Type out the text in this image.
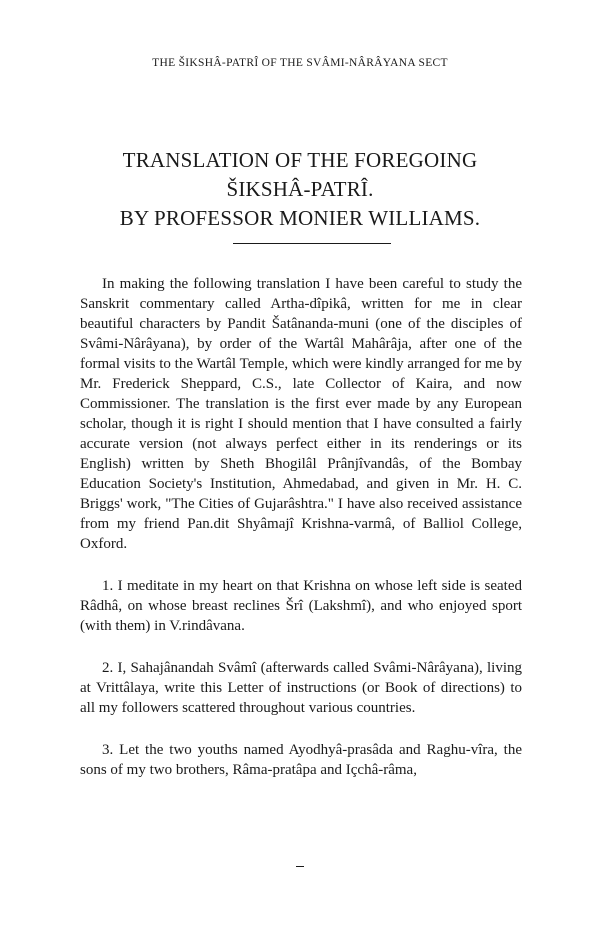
THE ŠIKSHÂ-PATRÎ OF THE SVÂMI-NÂRÂYANA SECT
TRANSLATION OF THE FOREGOING
ŠIKSHÂ-PATRÎ.
BY PROFESSOR MONIER WILLIAMS.

In making the following translation I have been careful to study the Sanskrit commentary called Artha-dîpikâ, written for me in clear beautiful characters by Pandit Šatânanda-muni (one of the disciples of Svâmi-Nârâyana), by order of the Wartâl Mahârâja, after one of the formal visits to the Wartâl Temple, which were kindly arranged for me by Mr. Frederick Sheppard, C.S., late Collector of Kaira, and now Commissioner. The translation is the first ever made by any European scholar, though it is right I should mention that I have consulted a fairly accurate version (not always perfect either in its renderings or its English) written by Sheth Bhogilâl Prânjîvandâs, of the Bombay Education Society's Institution, Ahmedabad, and given in Mr. H. C. Briggs' work, "The Cities of Gujarâshtra." I have also received assistance from my friend Pan.dit Shyâmajî Krishna-varmâ, of Balliol College, Oxford.

1. I meditate in my heart on that Krishna on whose left side is seated Râdhâ, on whose breast reclines Šrî (Lakshmî), and who enjoyed sport (with them) in V.rindâvana.

2. I, Sahajânandah Svâmî (afterwards called Svâmi-Nârâyana), living at Vrittâlaya, write this Letter of instructions (or Book of directions) to all my followers scattered throughout various countries.

3. Let the two youths named Ayodhyâ-prasâda and Raghu-vîra, the sons of my two brothers, Râma-pratâpa and Içchâ-râma,
